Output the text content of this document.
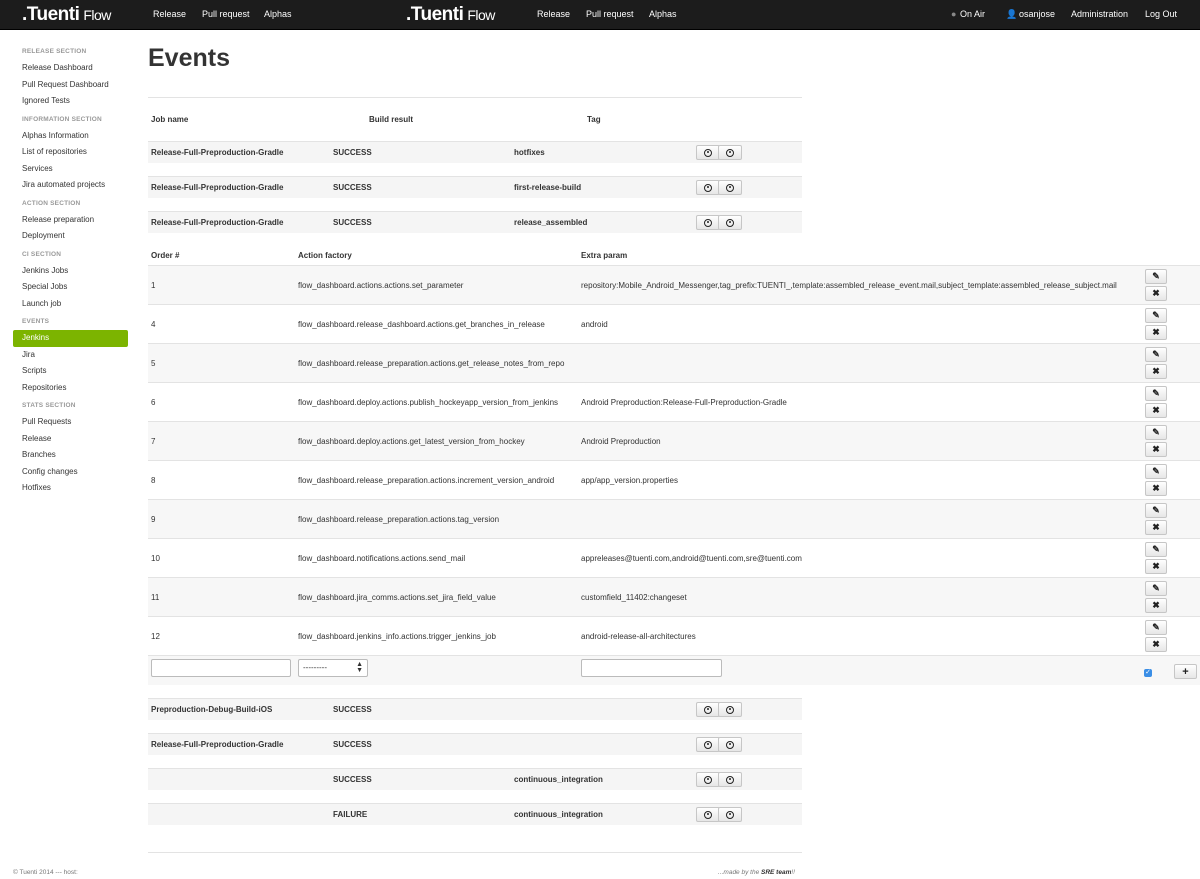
.Tuenti Flow	Release Pull request Alphas	.Tuenti Flow	Release Pull request Alphas	● On Air 👤 osanjose Administration Log Out
RELEASE SECTION
Release Dashboard
Pull Request Dashboard
Ignored Tests
INFORMATION SECTION
Alphas Information
List of repositories
Services
Jira automated projects
ACTION SECTION
Release preparation
Deployment
CI SECTION
Jenkins Jobs
Special Jobs
Launch job
EVENTS
Jenkins
Jira
Scripts
Repositories
STATS SECTION
Pull Requests
Release
Branches
Config changes
Hotfixes
Events
Job name	Build result	Tag
Release-Full-Preproduction-Gradle	SUCCESS	hotfixes
Release-Full-Preproduction-Gradle	SUCCESS	first-release-build
Release-Full-Preproduction-Gradle	SUCCESS	release_assembled
Order #	Action factory	Extra param
1	flow_dashboard.actions.actions.set_parameter	repository:Mobile_Android_Messenger,tag_prefix:TUENTI_,template:assembled_release_event.mail,subject_template:assembled_release_subject.mail
✎
✖
4	flow_dashboard.release_dashboard.actions.get_branches_in_release	android
✎
✖
5	flow_dashboard.release_preparation.actions.get_release_notes_from_repo
✎
✖
6	flow_dashboard.deploy.actions.publish_hockeyapp_version_from_jenkins	Android Preproduction:Release-Full-Preproduction-Gradle
✎
✖
7	flow_dashboard.deploy.actions.get_latest_version_from_hockey	Android Preproduction
✎
✖
8	flow_dashboard.release_preparation.actions.increment_version_android	app/app_version.properties
✎
✖
9	flow_dashboard.release_preparation.actions.tag_version
✎
✖
10	flow_dashboard.notifications.actions.send_mail	appreleases@tuenti.com,android@tuenti.com,sre@tuenti.com
✎
✖
11	flow_dashboard.jira_comms.actions.set_jira_field_value	customfield_11402:changeset
✎
✖
12	flow_dashboard.jenkins_info.actions.trigger_jenkins_job	android-release-all-architectures
✎
✖
---------	▲
▼	✓	+
Preproduction-Debug-Build-iOS	SUCCESS
Release-Full-Preproduction-Gradle	SUCCESS
SUCCESS	continuous_integration
FAILURE	continuous_integration
© Tuenti 2014 --- host:	...made by the SRE team!!
